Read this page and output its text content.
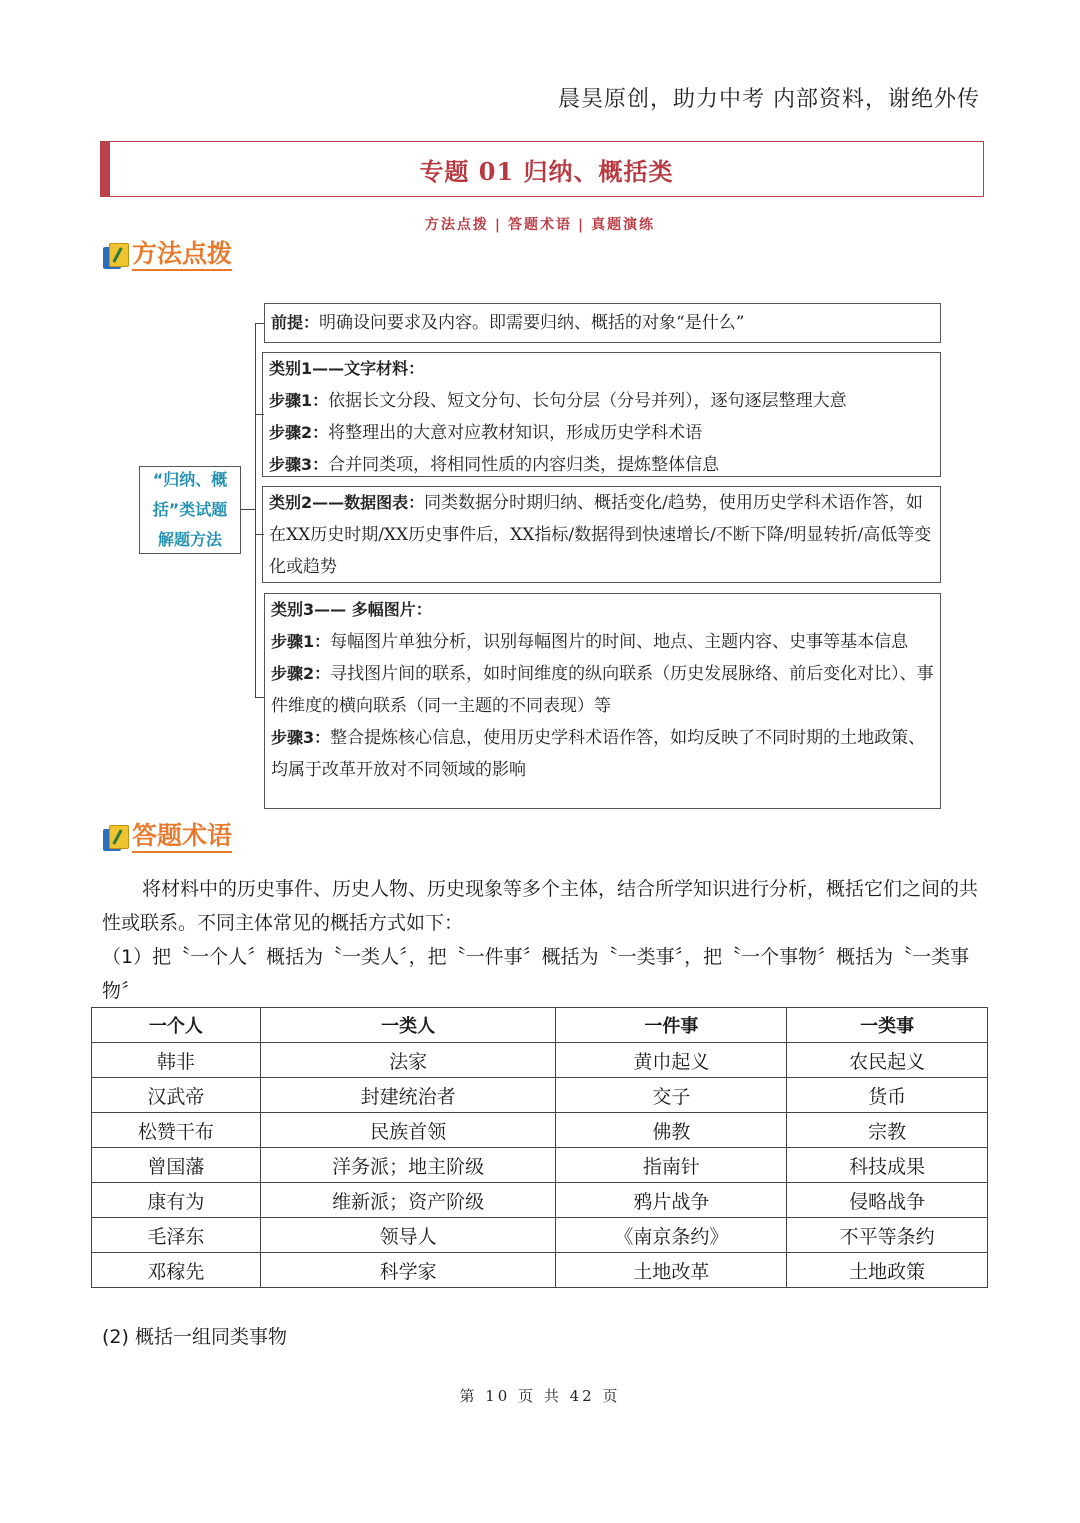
晨昊原创，助力中考 内部资料，谢绝外传
专题 01 归纳、概括类
方法点拨 | 答题术语 | 真题演练
方法点拨
“归纳、概
括”类试题
解题方法
前提：明确设问要求及内容。即需要归纳、概括的对象“是什么”
类别1——文字材料：
步骤1：依据长文分段、短文分句、长句分层（分号并列），逐句逐层整理大意
步骤2：将整理出的大意对应教材知识，形成历史学科术语
步骤3：合并同类项，将相同性质的内容归类，提炼整体信息
类别2——数据图表：同类数据分时期归纳、概括变化/趋势，使用历史学科术语作答，如在XX历史时期/XX历史事件后，XX指标/数据得到快速增长/不断下降/明显转折/高低等变化或趋势
类别3—— 多幅图片：
步骤1：每幅图片单独分析，识别每幅图片的时间、地点、主题内容、史事等基本信息
步骤2：寻找图片间的联系，如时间维度的纵向联系（历史发展脉络、前后变化对比）、事件维度的横向联系（同一主题的不同表现）等
步骤3：整合提炼核心信息，使用历史学科术语作答，如均反映了不同时期的土地政策、均属于改革开放对不同领域的影响
答题术语
将材料中的历史事件、历史人物、历史现象等多个主体，结合所学知识进行分析，概括它们之间的共性或联系。不同主体常见的概括方式如下：
（1）把〝一个人〞概括为〝一类人〞，把〝一件事〞概括为〝一类事〞，把〝一个事物〞概括为〝一类事物〞
一个人	一类人	一件事	一类事
韩非	法家	黄巾起义	农民起义
汉武帝	封建统治者	交子	货币
松赞干布	民族首领	佛教	宗教
曾国藩	洋务派；地主阶级	指南针	科技成果
康有为	维新派；资产阶级	鸦片战争	侵略战争
毛泽东	领导人	《南京条约》	不平等条约
邓稼先	科学家	土地改革	土地政策
(2) 概括一组同类事物
第 10 页 共 42 页
